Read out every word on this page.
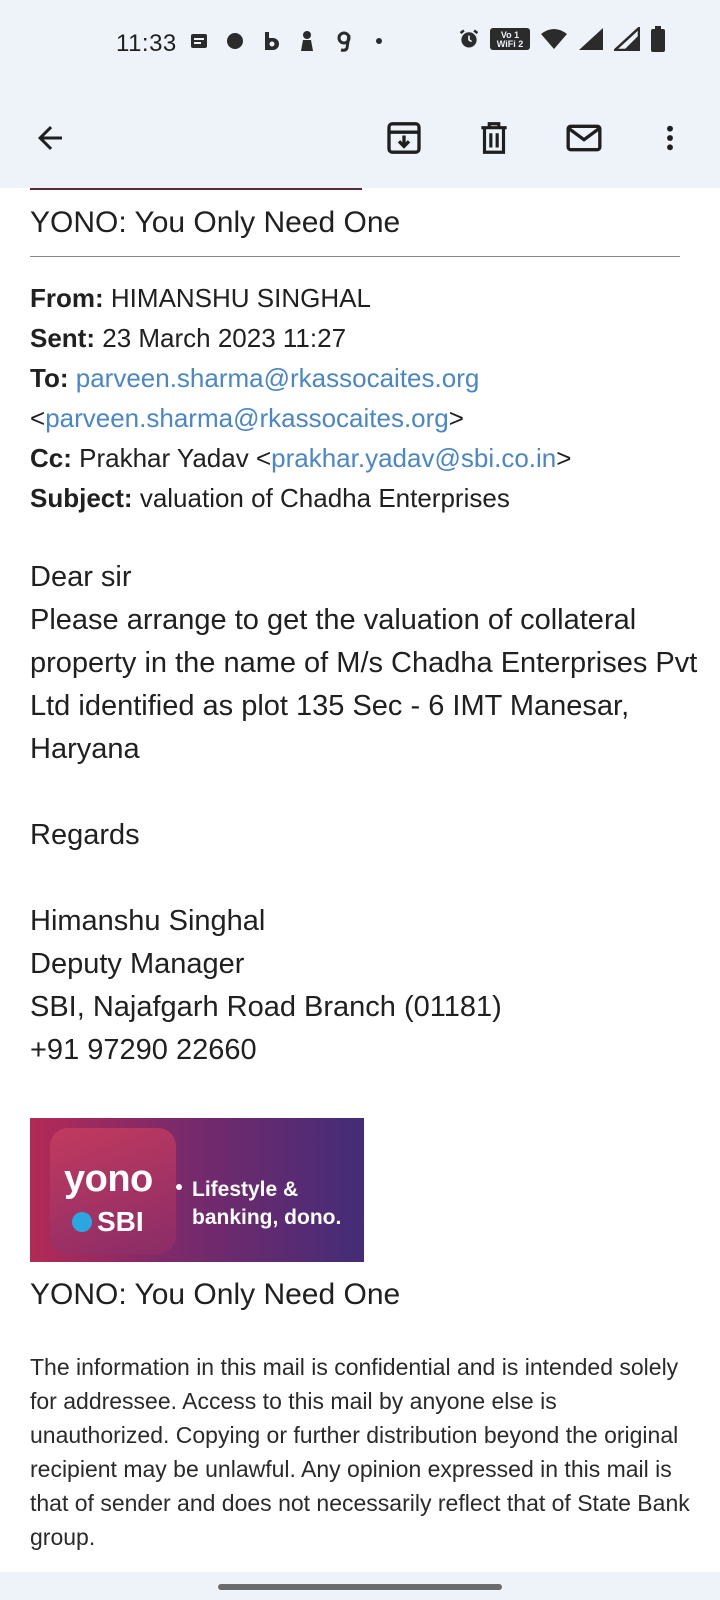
11:33	Vo 1
WiFi 2
YONO: You Only Need One
From: HIMANSHU SINGHAL
Sent: 23 March 2023 11:27
To: parveen.sharma@rkassocaites.org
<parveen.sharma@rkassocaites.org>
Cc: Prakhar Yadav <prakhar.yadav@sbi.co.in>
Subject: valuation of Chadha Enterprises

Dear sir

Please arrange to get the valuation of collateral property in the name of M/s Chadha Enterprises Pvt Ltd identified as plot 135 Sec - 6 IMT Manesar, Haryana

Regards

Himanshu Singhal

Deputy Manager

SBI, Najafgarh Road Branch (01181)

+91 97290 22660

yono
SBI
Lifestyle &
banking, dono.
YONO: You Only Need One
The information in this mail is confidential and is intended solely for addressee. Access to this mail by anyone else is unauthorized. Copying or further distribution beyond the original recipient may be unlawful. Any opinion expressed in this mail is that of sender and does not necessarily reflect that of State Bank group.
